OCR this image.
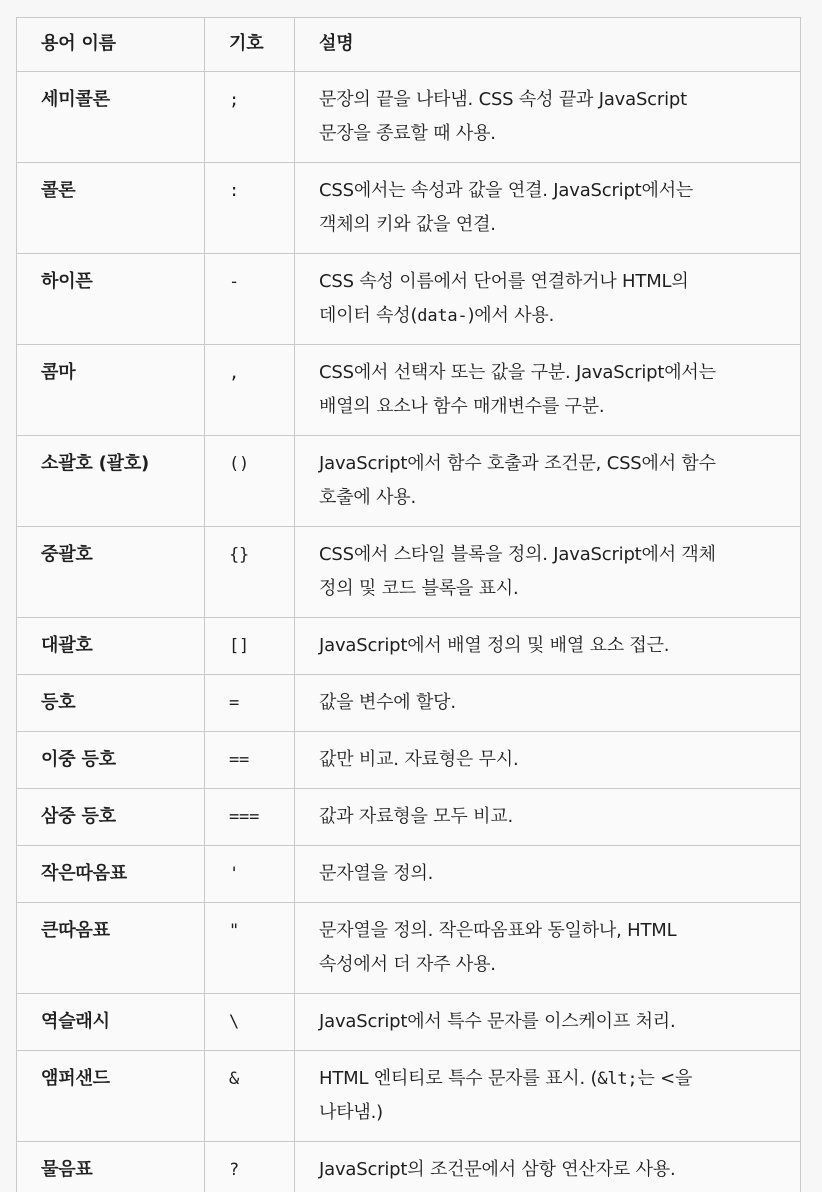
용어 이름	기호	설명
세미콜론	;	문장의 끝을 나타냄. CSS 속성 끝과 JavaScript
문장을 종료할 때 사용.

콜론	:	CSS에서는 속성과 값을 연결. JavaScript에서는
객체의 키와 값을 연결.

하이픈	-	CSS 속성 이름에서 단어를 연결하거나 HTML의
데이터 속성(data-)에서 사용.

콤마	,	CSS에서 선택자 또는 값을 구분. JavaScript에서는
배열의 요소나 함수 매개변수를 구분.

소괄호 (괄호)	()	JavaScript에서 함수 호출과 조건문, CSS에서 함수
호출에 사용.

중괄호	{}	CSS에서 스타일 블록을 정의. JavaScript에서 객체
정의 및 코드 블록을 표시.

대괄호	[]	JavaScript에서 배열 정의 및 배열 요소 접근.

등호	=	값을 변수에 할당.

이중 등호	==	값만 비교. 자료형은 무시.

삼중 등호	===	값과 자료형을 모두 비교.

작은따옴표	'	문자열을 정의.

큰따옴표	"	문자열을 정의. 작은따옴표와 동일하나, HTML
속성에서 더 자주 사용.

역슬래시	\	JavaScript에서 특수 문자를 이스케이프 처리.

앰퍼샌드	&	HTML 엔티티로 특수 문자를 표시. (&lt;는 <을
나타냄.)

물음표	?	JavaScript의 조건문에서 삼항 연산자로 사용.
